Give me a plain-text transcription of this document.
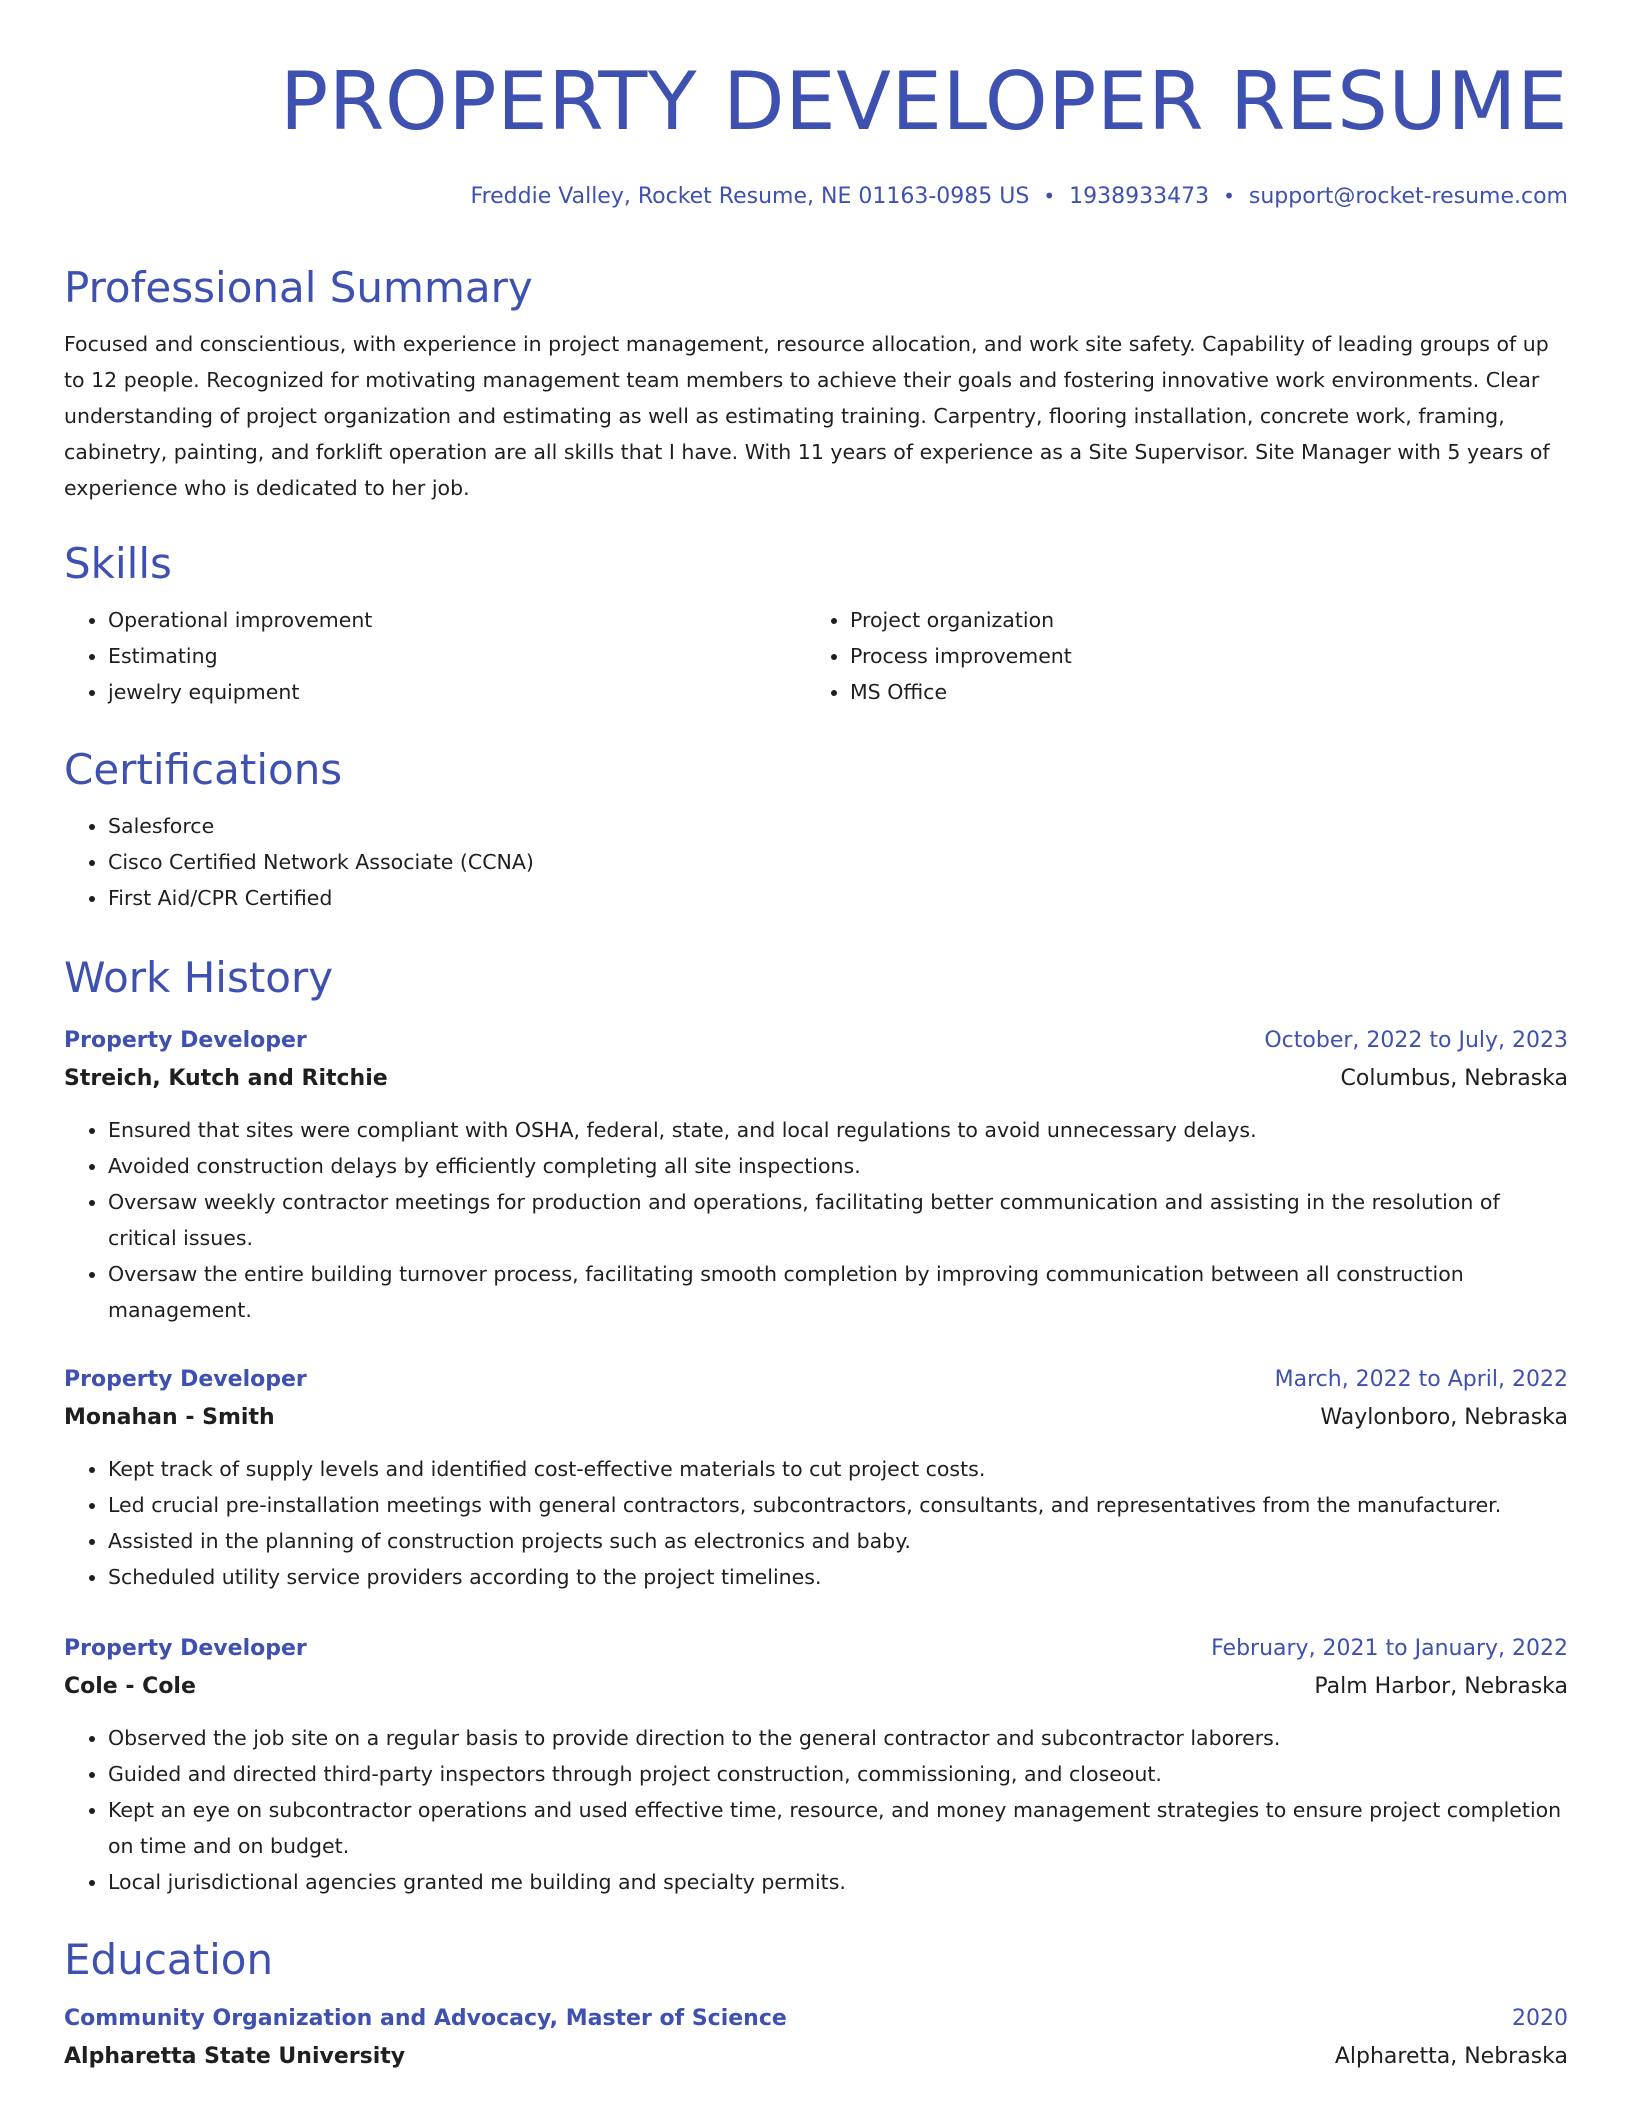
PROPERTY DEVELOPER RESUME
Freddie Valley, Rocket Resume, NE 01163-0985 US • 1938933473 • support@rocket-resume.com
Professional Summary

Focused and conscientious, with experience in project management, resource allocation, and work site safety. Capability of leading groups of up to 12 people. Recognized for motivating management team members to achieve their goals and fostering innovative work environments. Clear understanding of project organization and estimating as well as estimating training. Carpentry, flooring installation, concrete work, framing, cabinetry, painting, and forklift operation are all skills that I have. With 11 years of experience as a Site Supervisor. Site Manager with 5 years of experience who is dedicated to her job.

Skills
• Operational improvement
• Estimating
• jewelry equipment
• Project organization
• Process improvement
• MS Office
Certifications
• Salesforce
• Cisco Certified Network Associate (CCNA)
• First Aid/CPR Certified
Work History
Property Developer	October, 2022 to July, 2023
Streich, Kutch and Ritchie	Columbus, Nebraska
• Ensured that sites were compliant with OSHA, federal, state, and local regulations to avoid unnecessary delays.
• Avoided construction delays by efficiently completing all site inspections.
• Oversaw weekly contractor meetings for production and operations, facilitating better communication and assisting in the resolution of critical issues.
• Oversaw the entire building turnover process, facilitating smooth completion by improving communication between all construction management.
Property Developer	March, 2022 to April, 2022
Monahan - Smith	Waylonboro, Nebraska
• Kept track of supply levels and identified cost-effective materials to cut project costs.
• Led crucial pre-installation meetings with general contractors, subcontractors, consultants, and representatives from the manufacturer.
• Assisted in the planning of construction projects such as electronics and baby.
• Scheduled utility service providers according to the project timelines.
Property Developer	February, 2021 to January, 2022
Cole - Cole	Palm Harbor, Nebraska
• Observed the job site on a regular basis to provide direction to the general contractor and subcontractor laborers.
• Guided and directed third-party inspectors through project construction, commissioning, and closeout.
• Kept an eye on subcontractor operations and used effective time, resource, and money management strategies to ensure project completion on time and on budget.
• Local jurisdictional agencies granted me building and specialty permits.
Education
Community Organization and Advocacy, Master of Science	2020
Alpharetta State University	Alpharetta, Nebraska
